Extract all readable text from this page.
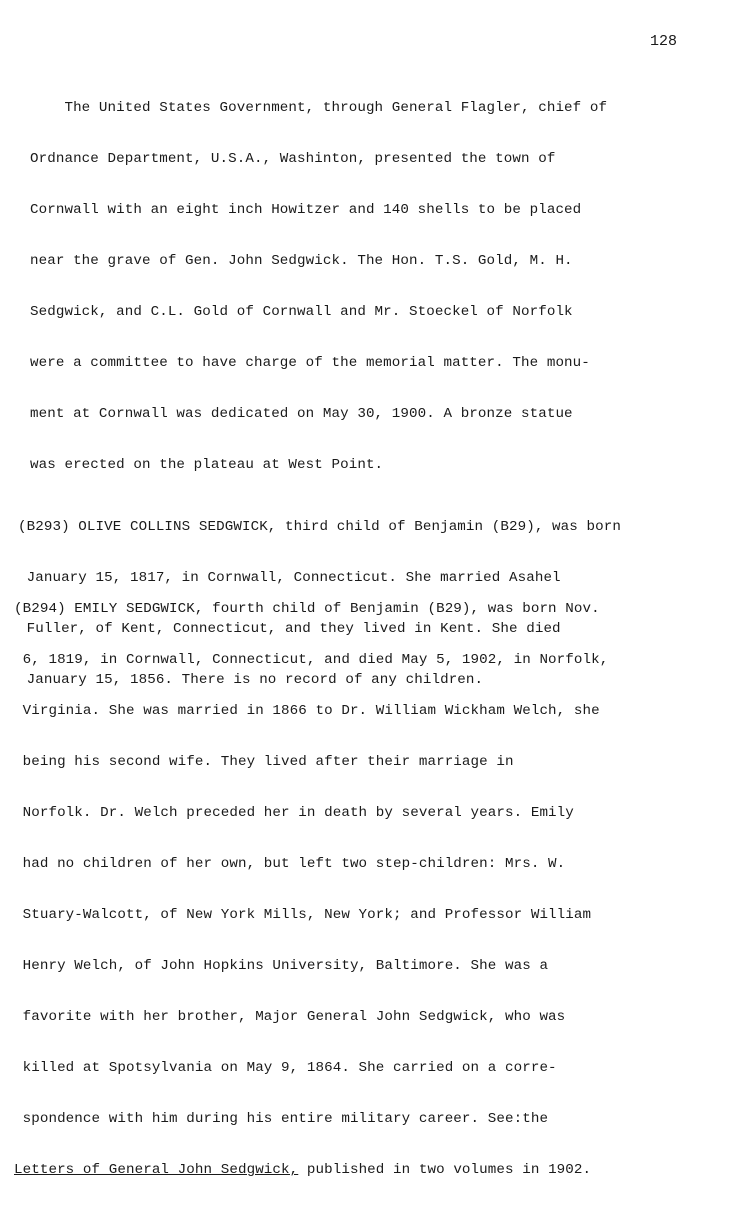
128

The United States Government, through General Flagler, chief of

Ordnance Department, U.S.A., Washinton, presented the town of

Cornwall with an eight inch Howitzer and 140 shells to be placed

near the grave of Gen. John Sedgwick. The Hon. T.S. Gold, M. H.

Sedgwick, and C.L. Gold of Cornwall and Mr. Stoeckel of Norfolk

were a committee to have charge of the memorial matter. The monu-

ment at Cornwall was dedicated on May 30, 1900. A bronze statue

was erected on the plateau at West Point.

(B293) OLIVE COLLINS SEDGWICK, third child of Benjamin (B29), was born

January 15, 1817, in Cornwall, Connecticut. She married Asahel

Fuller, of Kent, Connecticut, and they lived in Kent. She died

January 15, 1856. There is no record of any children.

(B294) EMILY SEDGWICK, fourth child of Benjamin (B29), was born Nov.

6, 1819, in Cornwall, Connecticut, and died May 5, 1902, in Norfolk,

Virginia. She was married in 1866 to Dr. William Wickham Welch, she

being his second wife. They lived after their marriage in

Norfolk. Dr. Welch preceded her in death by several years. Emily

had no children of her own, but left two step-children: Mrs. W.

Stuary-Walcott, of New York Mills, New York; and Professor William

Henry Welch, of John Hopkins University, Baltimore. She was a

favorite with her brother, Major General John Sedgwick, who was

killed at Spotsylvania on May 9, 1864. She carried on a corre-

spondence with him during his entire military career. See:the

Letters of General John Sedgwick, published in two volumes in 1902.
